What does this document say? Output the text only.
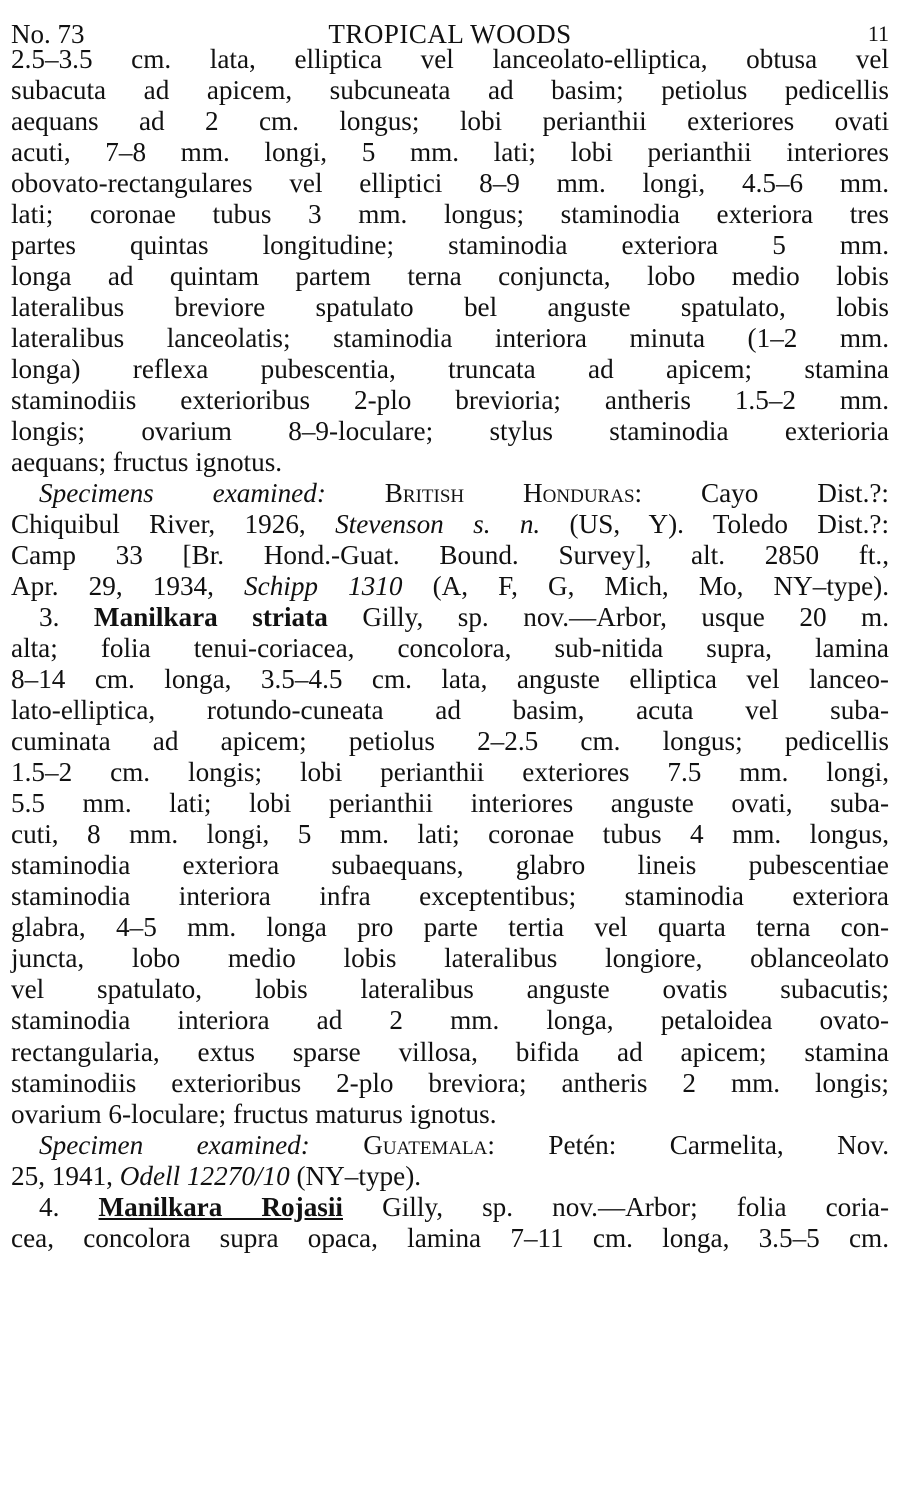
No. 73	TROPICAL WOODS	11
2.5–3.5 cm. lata, elliptica vel lanceolato-elliptica, obtusa vel
subacuta ad apicem, subcuneata ad basim; petiolus pedicellis
aequans ad 2 cm. longus; lobi perianthii exteriores ovati
acuti, 7–8 mm. longi, 5 mm. lati; lobi perianthii interiores
obovato-rectangulares vel elliptici 8–9 mm. longi, 4.5–6 mm.
lati; coronae tubus 3 mm. longus; staminodia exteriora tres
partes quintas longitudine; staminodia exteriora 5 mm.
longa ad quintam partem terna conjuncta, lobo medio lobis
lateralibus breviore spatulato bel anguste spatulato, lobis
lateralibus lanceolatis; staminodia interiora minuta (1–2 mm.
longa) reflexa pubescentia, truncata ad apicem; stamina
staminodiis exterioribus 2-plo brevioria; antheris 1.5–2 mm.
longis; ovarium 8–9-loculare; stylus staminodia exterioria
aequans; fructus ignotus.
Specimens examined: British Honduras: Cayo Dist.?:
Chiquibul River, 1926, Stevenson s. n. (US, Y). Toledo Dist.?:
Camp 33 [Br. Hond.-Guat. Bound. Survey], alt. 2850 ft.,
Apr. 29, 1934, Schipp 1310 (A, F, G, Mich, Mo, NY–type).
3. Manilkara striata Gilly, sp. nov.—Arbor, usque 20 m.
alta; folia tenui-coriacea, concolora, sub-nitida supra, lamina
8–14 cm. longa, 3.5–4.5 cm. lata, anguste elliptica vel lanceo-
lato-elliptica, rotundo-cuneata ad basim, acuta vel suba-
cuminata ad apicem; petiolus 2–2.5 cm. longus; pedicellis
1.5–2 cm. longis; lobi perianthii exteriores 7.5 mm. longi,
5.5 mm. lati; lobi perianthii interiores anguste ovati, suba-
cuti, 8 mm. longi, 5 mm. lati; coronae tubus 4 mm. longus,
staminodia exteriora subaequans, glabro lineis pubescentiae
staminodia interiora infra exceptentibus; staminodia exteriora
glabra, 4–5 mm. longa pro parte tertia vel quarta terna con-
juncta, lobo medio lobis lateralibus longiore, oblanceolato
vel spatulato, lobis lateralibus anguste ovatis subacutis;
staminodia interiora ad 2 mm. longa, petaloidea ovato-
rectangularia, extus sparse villosa, bifida ad apicem; stamina
staminodiis exterioribus 2-plo breviora; antheris 2 mm. longis;
ovarium 6-loculare; fructus maturus ignotus.
Specimen examined: Guatemala: Petén: Carmelita, Nov.
25, 1941, Odell 12270/10 (NY–type).
4. Manilkara Rojasii Gilly, sp. nov.—Arbor; folia coria-
cea, concolora supra opaca, lamina 7–11 cm. longa, 3.5–5 cm.
